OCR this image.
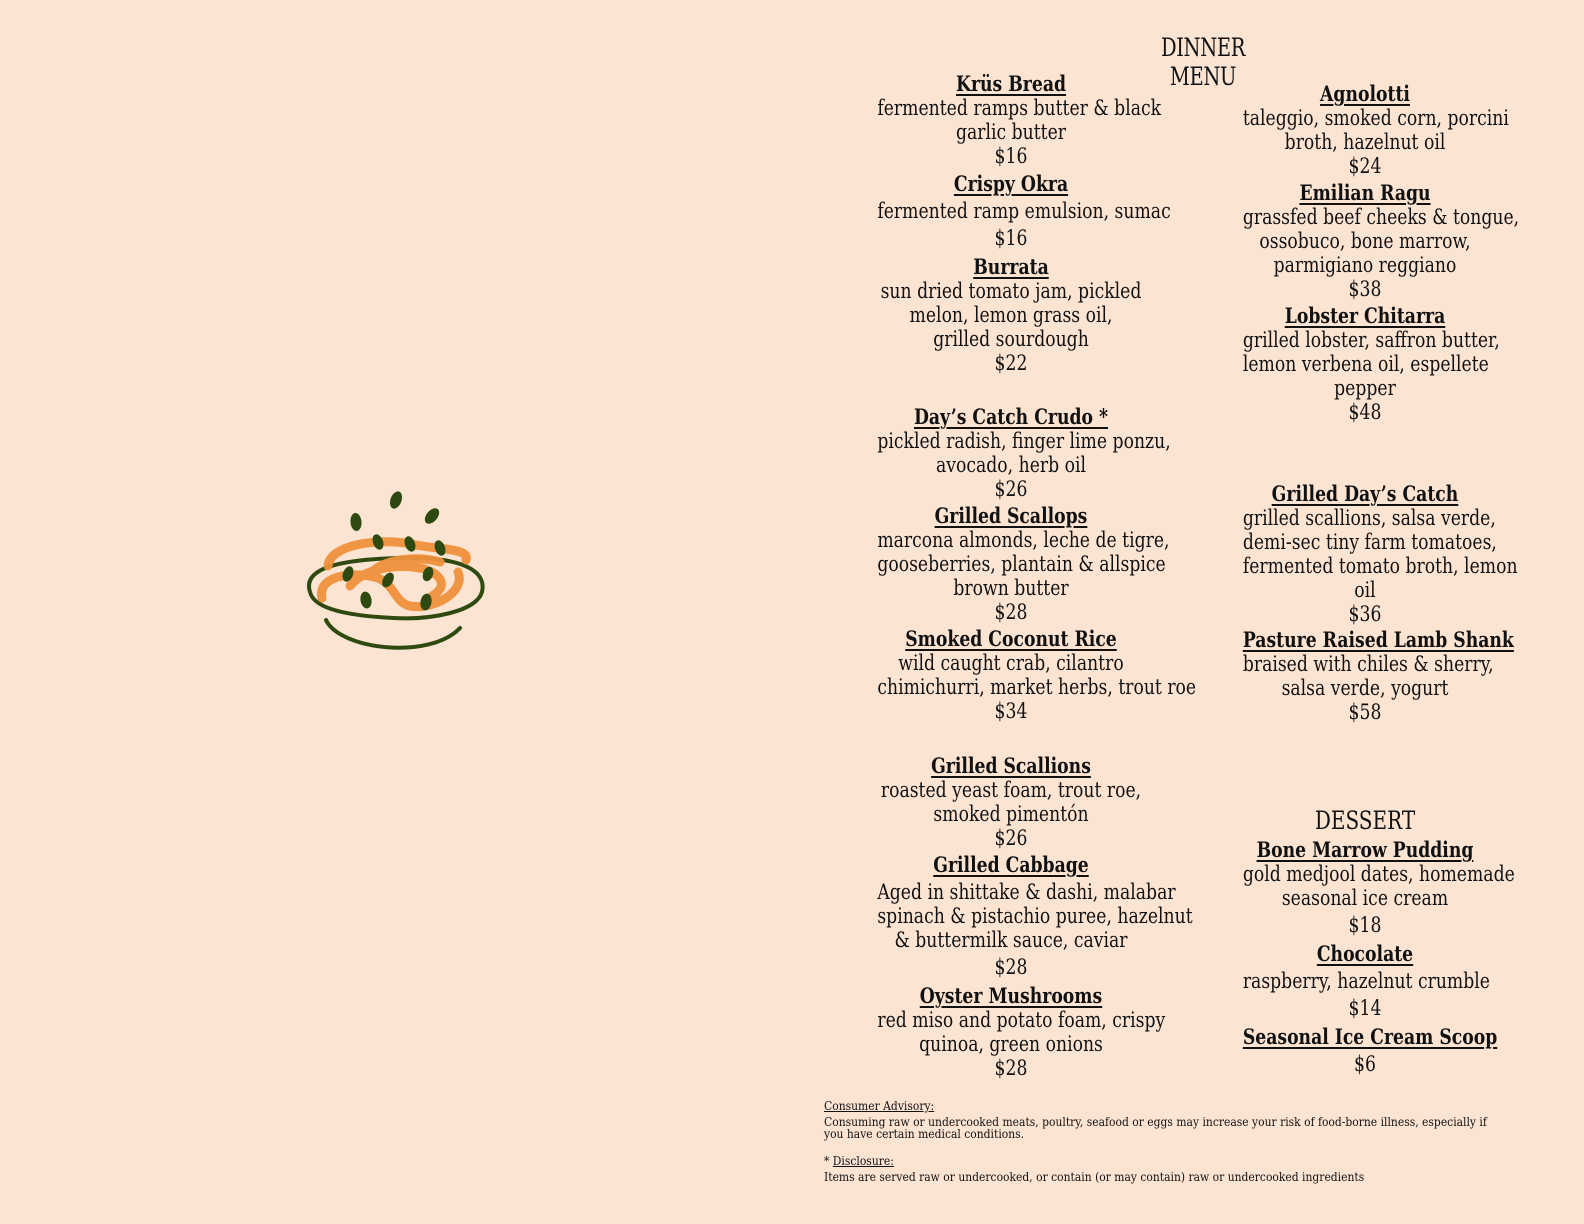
DINNER MENU
Krüs Bread
fermented ramps butter & black
garlic butter
$16
Crispy Okra
fermented ramp emulsion, sumac
$16
Burrata
sun dried tomato jam, pickled
melon, lemon grass oil,
grilled sourdough
$22
Day’s Catch Crudo *
pickled radish, finger lime ponzu,
avocado, herb oil
$26
Grilled Scallops
marcona almonds, leche de tigre,
gooseberries, plantain & allspice
brown butter
$28
Smoked Coconut Rice
wild caught crab, cilantro
chimichurri, market herbs, trout roe
$34
Grilled Scallions
roasted yeast foam, trout roe,
smoked pimentón
$26
Grilled Cabbage
Aged in shittake & dashi, malabar
spinach & pistachio puree, hazelnut
& buttermilk sauce, caviar
$28
Oyster Mushrooms
red miso and potato foam, crispy
quinoa, green onions
$28
Agnolotti
taleggio, smoked corn, porcini
broth, hazelnut oil
$24
Emilian Ragu
grassfed beef cheeks & tongue,
ossobuco, bone marrow,
parmigiano reggiano
$38
Lobster Chitarra
grilled lobster, saffron butter,
lemon verbena oil, espellete
pepper
$48
Grilled Day’s Catch
grilled scallions, salsa verde,
demi-sec tiny farm tomatoes,
fermented tomato broth, lemon
oil
$36
Pasture Raised Lamb Shank
braised with chiles & sherry,
salsa verde, yogurt
$58
DESSERT
Bone Marrow Pudding
gold medjool dates, homemade
seasonal ice cream
$18
Chocolate
raspberry, hazelnut crumble
$14
Seasonal Ice Cream Scoop
$6
Consumer Advisory:
Consuming raw or undercooked meats, poultry, seafood or eggs may increase your risk of food-borne illness, especially if
you have certain medical conditions.
* Disclosure:
Items are served raw or undercooked, or contain (or may contain) raw or undercooked ingredients
